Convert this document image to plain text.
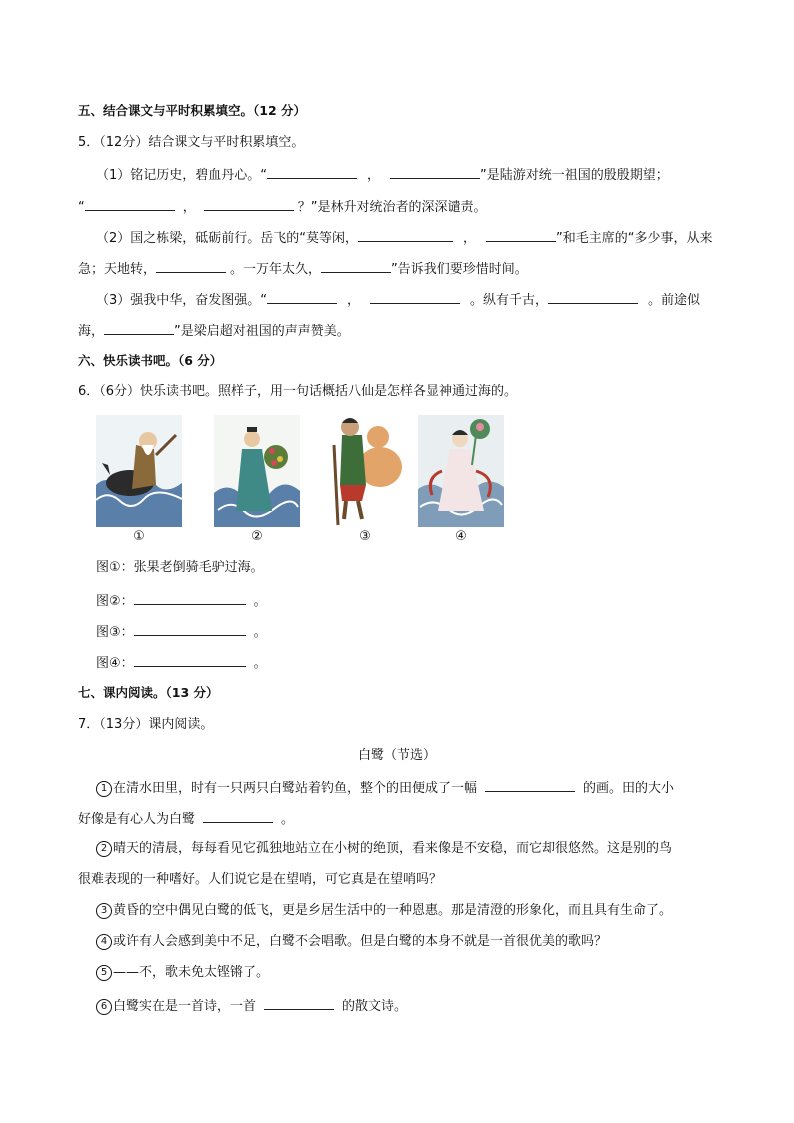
五、结合课文与平时积累填空。（12 分）
5．（12分）结合课文与平时积累填空。
（1）铭记历史，碧血丹心。“	，	”是陆游对统一祖国的殷殷期望；
“	，	？”是林升对统治者的深深谴责。
（2）国之栋梁，砥砺前行。岳飞的“莫等闲，	，	”和毛主席的“多少事，从来
急；天地转，	。一万年太久，	”告诉我们要珍惜时间。
（3）强我中华，奋发图强。“	，	。纵有千古，	。前途似
海，	”是梁启超对祖国的声声赞美。
六、快乐读书吧。（6 分）
6．（6分）快乐读书吧。照样子，用一句话概括八仙是怎样各显神通过海的。
①	②	③	④
图①：张果老倒骑毛驴过海。
图②：	。
图③：	。
图④：	。
七、课内阅读。（13 分）
7．（13分）课内阅读。
白鹭（节选）
1 在清水田里，时有一只两只白鹭站着钓鱼，整个的田便成了一幅	的画。田的大小
好像是有心人为白鹭	。
2 晴天的清晨，每每看见它孤独地站立在小树的绝顶，看来像是不安稳，而它却很悠然。这是别的鸟
很难表现的一种嗜好。人们说它是在望哨，可它真是在望哨吗？
3 黄昏的空中偶见白鹭的低飞，更是乡居生活中的一种恩惠。那是清澄的形象化，而且具有生命了。
4 或许有人会感到美中不足，白鹭不会唱歌。但是白鹭的本身不就是一首很优美的歌吗？
5 ——不，歌未免太铿锵了。
6 白鹭实在是一首诗，一首	的散文诗。
